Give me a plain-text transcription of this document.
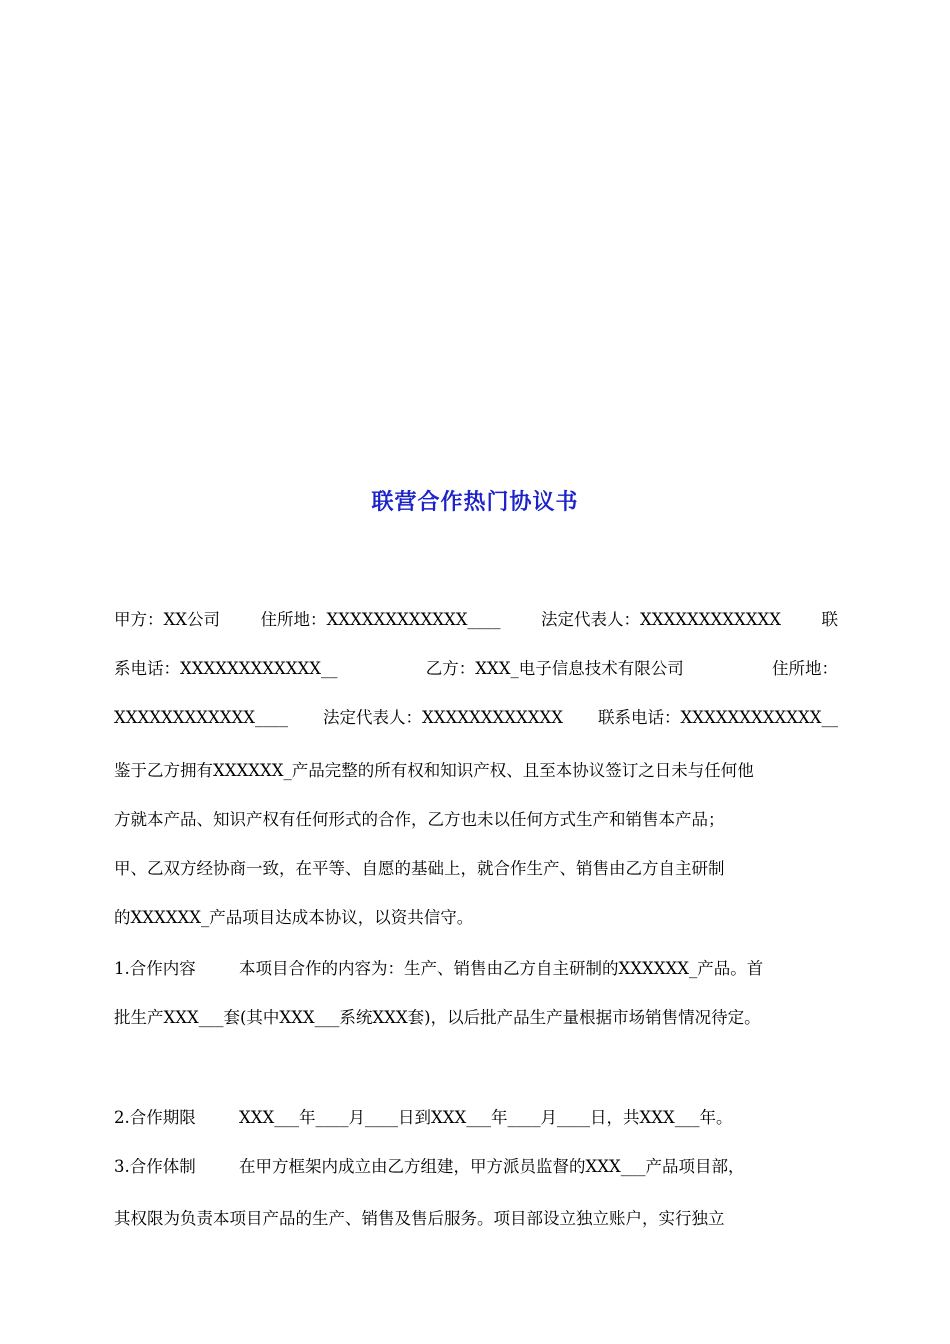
联营合作热门协议书
甲方：XX公司 住所地：XXXXXXXXXXXX____ 法定代表人：XXXXXXXXXXXX 联
系电话：XXXXXXXXXXXX__	乙方：XXX_电子信息技术有限公司	住所地：
XXXXXXXXXXXX____ 法定代表人：XXXXXXXXXXXX 联系电话：XXXXXXXXXXXX__
鉴于乙方拥有XXXXXX_产品完整的所有权和知识产权、且至本协议签订之日未与任何他
方就本产品、知识产权有任何形式的合作，乙方也未以任何方式生产和销售本产品；
甲、乙双方经协商一致，在平等、自愿的基础上，就合作生产、销售由乙方自主研制
的XXXXXX_产品项目达成本协议，以资共信守。
1.合作内容	本项目合作的内容为：生产、销售由乙方自主研制的XXXXXX_产品。首
批生产XXX___套(其中XXX___系统XXX套)，以后批产品生产量根据市场销售情况待定。
2.合作期限	XXX___年____月____日到XXX___年____月____日，共XXX___年。
3.合作体制	在甲方框架内成立由乙方组建，甲方派员监督的XXX___产品项目部，
其权限为负责本项目产品的生产、销售及售后服务。项目部设立独立账户，实行独立
